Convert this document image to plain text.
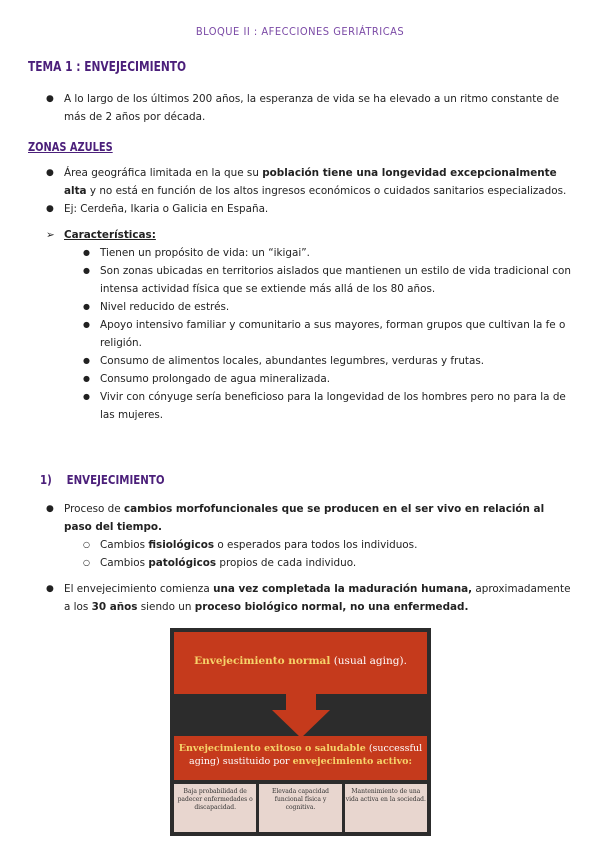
BLOQUE II : AFECCIONES GERIÁTRICAS
TEMA 1 : ENVEJECIMIENTO
● A lo largo de los últimos 200 años, la esperanza de vida se ha elevado a un ritmo constante de más de 2 años por década.
ZONAS AZULES
● Área geográfica limitada en la que su población tiene una longevidad excepcionalmente alta y no está en función de los altos ingresos económicos o cuidados sanitarios especializados.
● Ej: Cerdeña, Ikaria o Galicia en España.
➢ Características:
● Tienen un propósito de vida: un “ikigai”.
● Son zonas ubicadas en territorios aislados que mantienen un estilo de vida tradicional con intensa actividad física que se extiende más allá de los 80 años.
● Nivel reducido de estrés.
● Apoyo intensivo familiar y comunitario a sus mayores, forman grupos que cultivan la fe o religión.
● Consumo de alimentos locales, abundantes legumbres, verduras y frutas.
● Consumo prolongado de agua mineralizada.
● Vivir con cónyuge sería beneficioso para la longevidad de los hombres pero no para la de las mujeres.
1) ENVEJECIMIENTO
● Proceso de cambios morfofuncionales que se producen en el ser vivo en relación al paso del tiempo.
○ Cambios fisiológicos o esperados para todos los individuos.
○ Cambios patológicos propios de cada individuo.
● El envejecimiento comienza una vez completada la maduración humana, aproximadamente a los 30 años siendo un proceso biológico normal, no una enfermedad.
Envejecimiento normal (usual aging).
Envejecimiento exitoso o saludable (successful aging) sustituido por envejecimiento activo:
Baja probabilidad de padecer enfermedades o discapacidad.
Elevada capacidad funcional física y cognitiva.
Mantenimiento de una vida activa en la sociedad.
